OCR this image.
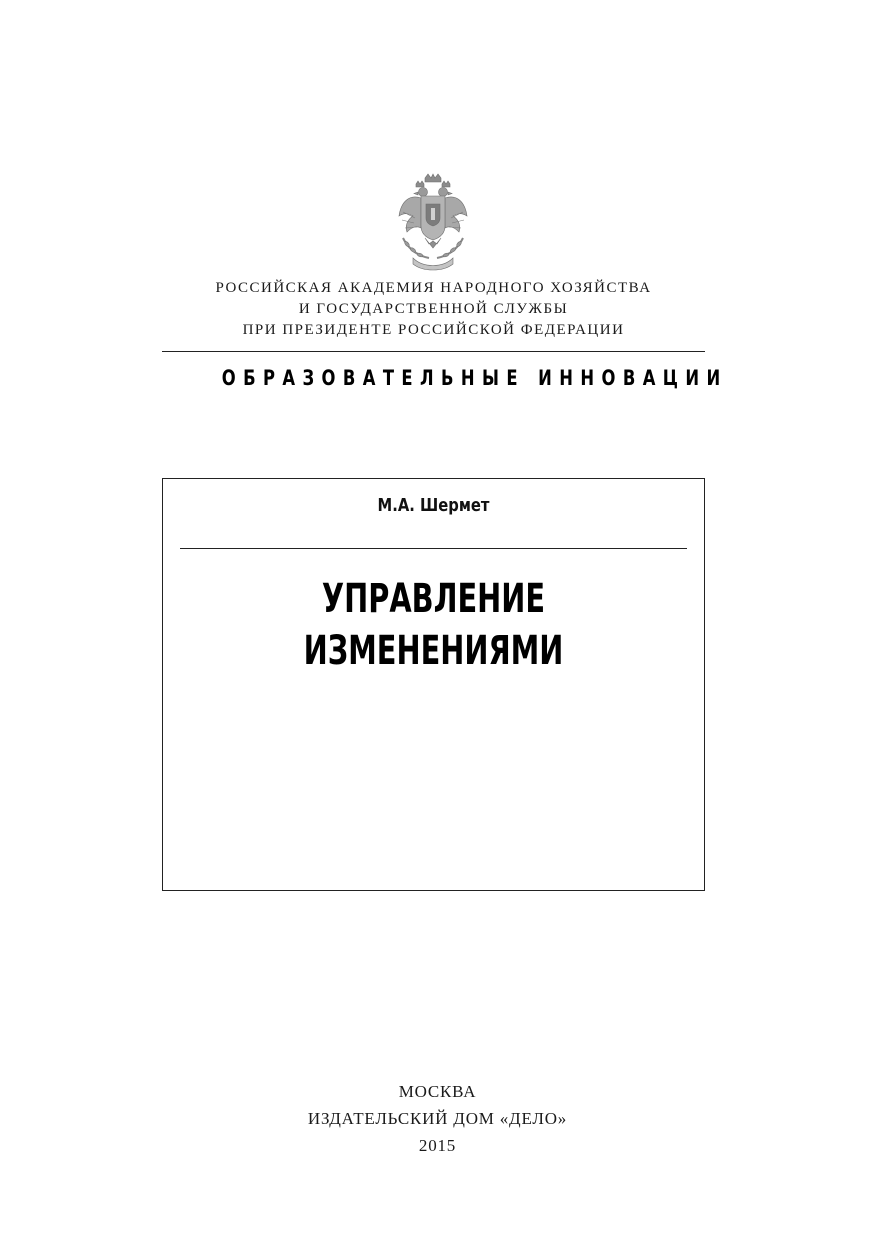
РОССИЙСКАЯ АКАДЕМИЯ НАРОДНОГО ХОЗЯЙСТВА
И ГОСУДАРСТВЕННОЙ СЛУЖБЫ
ПРИ ПРЕЗИДЕНТЕ РОССИЙСКОЙ ФЕДЕРАЦИИ
ОБРАЗОВАТЕЛЬНЫЕ ИННОВАЦИИ
М.А. Шермет
УПРАВЛЕНИЕ
ИЗМЕНЕНИЯМИ
МОСКВА
ИЗДАТЕЛЬСКИЙ ДОМ «ДЕЛО»
2015
